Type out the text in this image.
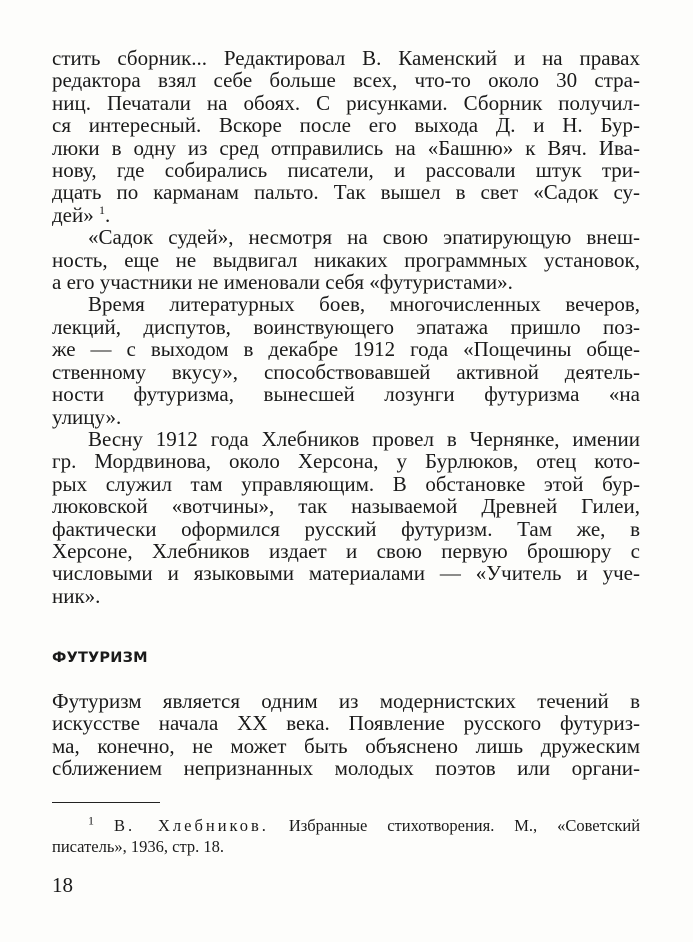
стить сборник... Редактировал В. Каменский и на правах
редактора взял себе больше всех, что-то около 30 стра-
ниц. Печатали на обоях. С рисунками. Сборник получил-
ся интересный. Вскоре после его выхода Д. и Н. Бур-
люки в одну из сред отправились на «Башню» к Вяч. Ива-
нову, где собирались писатели, и рассовали штук три-
дцать по карманам пальто. Так вышел в свет «Садок су-
дей» $^1$.

«Садок судей», несмотря на свою эпатирующую внеш-
ность, еще не выдвигал никаких программных установок,
а его участники не именовали себя «футуристами».

Время литературных боев, многочисленных вечеров,
лекций, диспутов, воинствующего эпатажа пришло поз-
же — с выходом в декабре 1912 года «Пощечины обще-
ственному вкусу», способствовавшей активной деятель-
ности футуризма, вынесшей лозунги футуризма «на
улицу».

Весну 1912 года Хлебников провел в Чернянке, имении
гр. Мордвинова, около Херсона, у Бурлюков, отец кото-
рых служил там управляющим. В обстановке этой бур-
люковской «вотчины», так называемой Древней Гилеи,
фактически оформился русский футуризм. Там же, в
Херсоне, Хлебников издает и свою первую брошюру с
числовыми и языковыми материалами — «Учитель и уче-
ник».

ФУТУРИЗМ

Футуризм является одним из модернистских течений в
искусстве начала XX века. Появление русского футуриз-
ма, конечно, не может быть объяснено лишь дружеским
сближением непризнанных молодых поэтов или органи-

$^1$ В. Хлебников. Избранные стихотворения. М., «Советский
писатель», 1936, стр. 18.
18
